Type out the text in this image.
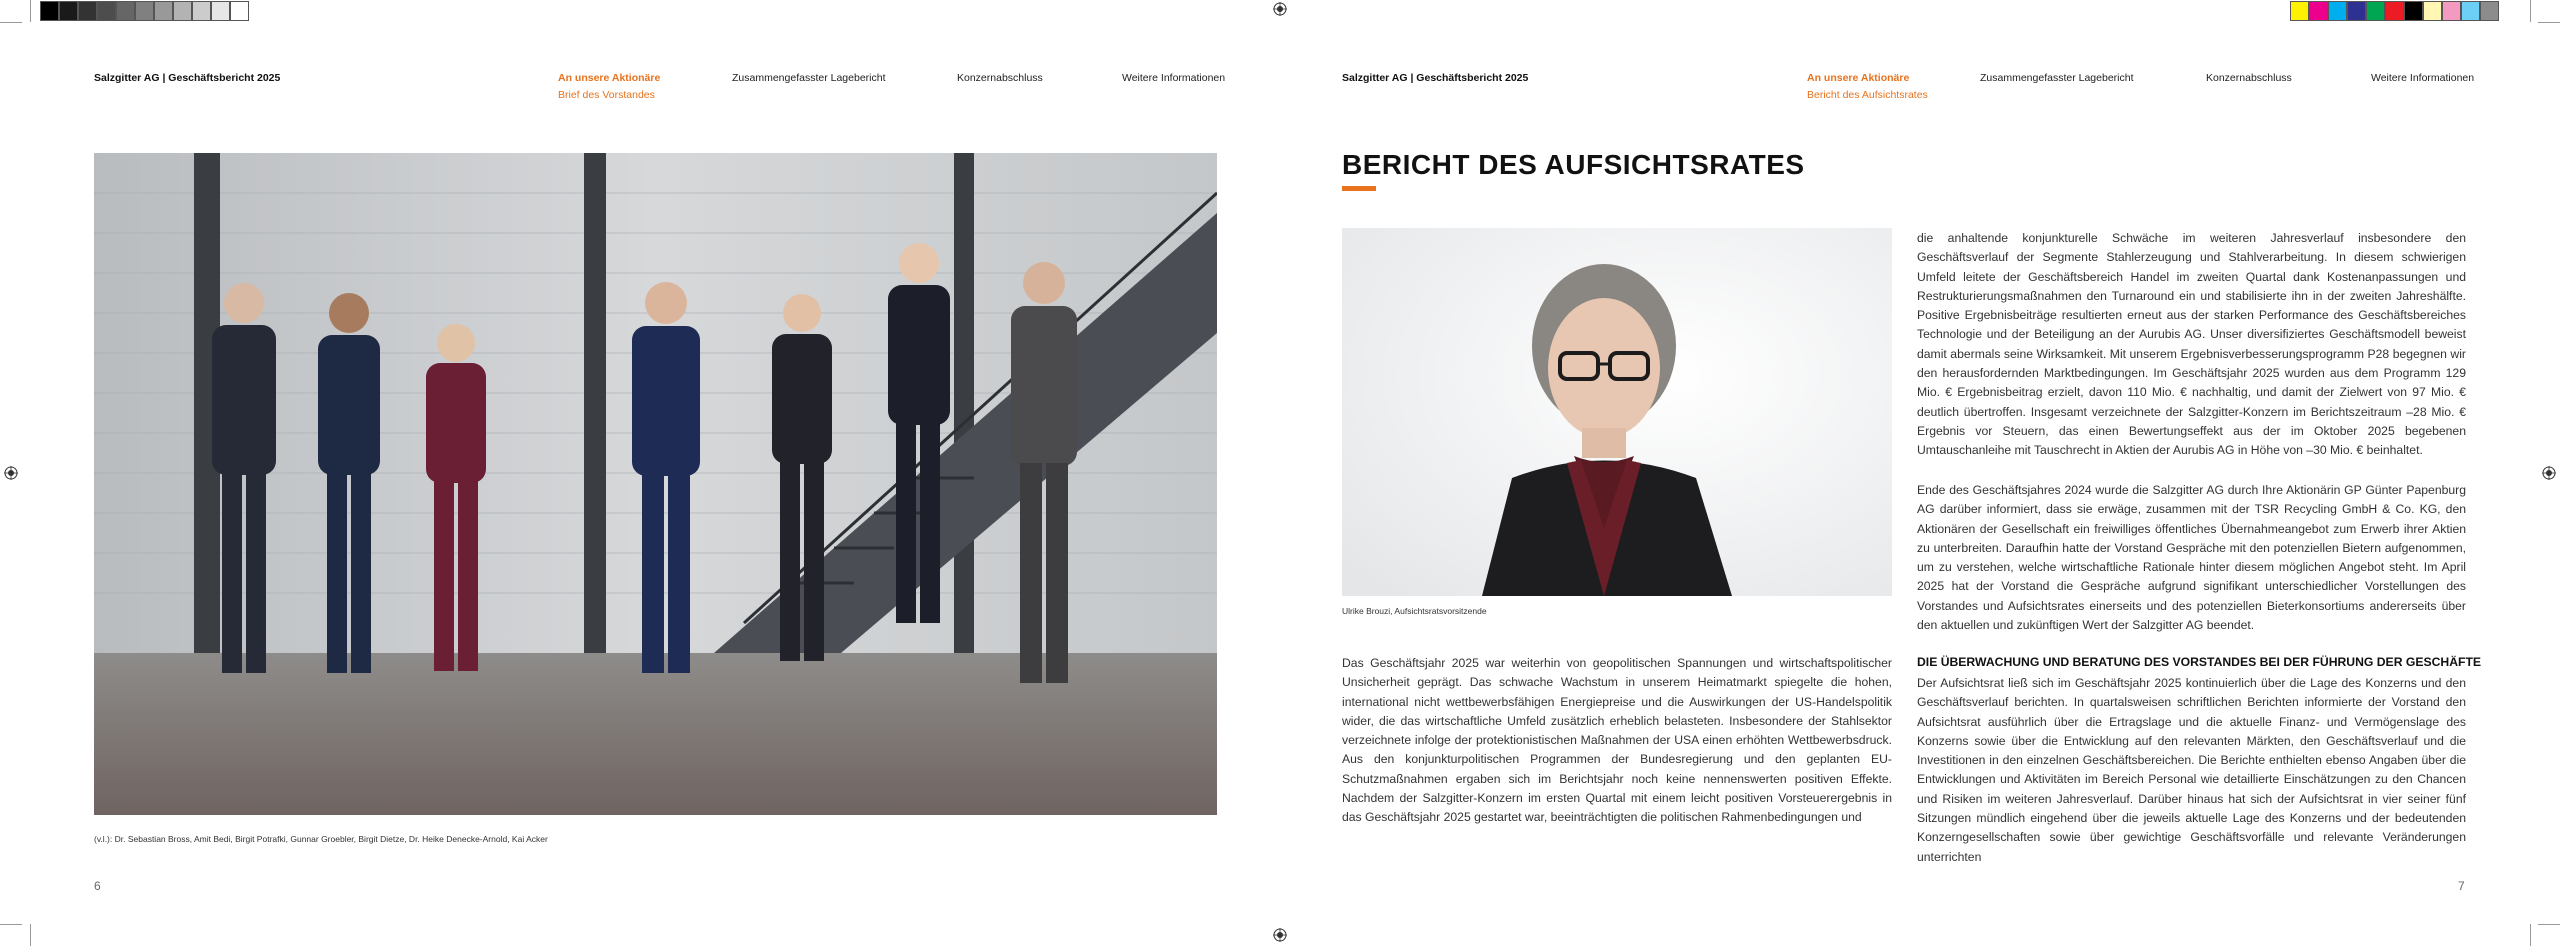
Salzgitter AG | Geschäftsbericht 2025	An unsere Aktionäre
Brief des Vorstandes
Zusammengefasster Lagebericht	Konzernabschluss	Weitere Informationen
(v.l.): Dr. Sebastian Bross, Amit Bedi, Birgit Potrafki, Gunnar Groebler, Birgit Dietze, Dr. Heike Denecke-Arnold, Kai Acker
6
Salzgitter AG | Geschäftsbericht 2025	An unsere Aktionäre
Bericht des Aufsichtsrates
Zusammengefasster Lagebericht	Konzernabschluss	Weitere Informationen
BERICHT DES AUFSICHTSRATES
Ulrike Brouzi, Aufsichtsratsvorsitzende
Das Geschäftsjahr 2025 war weiterhin von geopolitischen Spannungen und wirtschaftspolitischer Unsicherheit geprägt. Das schwache Wachstum in unserem Heimatmarkt spiegelte die hohen, international nicht wettbewerbsfähigen Energiepreise und die Auswirkungen der US-Handelspolitik wider, die das wirtschaftliche Umfeld zusätzlich erheblich belasteten. Insbesondere der Stahlsektor verzeichnete infolge der protektionistischen Maßnahmen der USA einen erhöhten Wettbewerbsdruck. Aus den konjunkturpolitischen Programmen der Bundesregierung und den geplanten EU-Schutzmaßnahmen ergaben sich im Berichtsjahr noch keine nennenswerten positiven Effekte. Nachdem der Salzgitter-Konzern im ersten Quartal mit einem leicht positiven Vorsteuerergebnis in das Geschäftsjahr 2025 gestartet war, beeinträchtigten die politischen Rahmenbedingungen und
die anhaltende konjunkturelle Schwäche im weiteren Jahresverlauf insbesondere den Geschäftsverlauf der Segmente Stahlerzeugung und Stahlverarbeitung. In diesem schwierigen Umfeld leitete der Geschäftsbereich Handel im zweiten Quartal dank Kostenanpassungen und Restrukturierungsmaßnahmen den Turnaround ein und stabilisierte ihn in der zweiten Jahreshälfte. Positive Ergebnisbeiträge resultierten erneut aus der starken Performance des Geschäftsbereiches Technologie und der Beteiligung an der Aurubis AG. Unser diversifiziertes Geschäftsmodell beweist damit abermals seine Wirksamkeit. Mit unserem Ergebnisverbesserungsprogramm P28 begegnen wir den herausfordernden Marktbedingungen. Im Geschäftsjahr 2025 wurden aus dem Programm 129 Mio. € Ergebnisbeitrag erzielt, davon 110 Mio. € nachhaltig, und damit der Zielwert von 97 Mio. € deutlich übertroffen. Insgesamt verzeichnete der Salzgitter-Konzern im Berichtszeitraum –28 Mio. € Ergebnis vor Steuern, das einen Bewertungseffekt aus der im Oktober 2025 begebenen Umtauschanleihe mit Tauschrecht in Aktien der Aurubis AG in Höhe von –30 Mio. € beinhaltet.
Ende des Geschäftsjahres 2024 wurde die Salzgitter AG durch Ihre Aktionärin GP Günter Papenburg AG darüber informiert, dass sie erwäge, zusammen mit der TSR Recycling GmbH & Co. KG, den Aktionären der Gesellschaft ein freiwilliges öffentliches Übernahmeangebot zum Erwerb ihrer Aktien zu unterbreiten. Daraufhin hatte der Vorstand Gespräche mit den potenziellen Bietern aufgenommen, um zu verstehen, welche wirtschaftliche Rationale hinter diesem möglichen Angebot steht. Im April 2025 hat der Vorstand die Gespräche aufgrund signifikant unterschiedlicher Vorstellungen des Vorstandes und Aufsichtsrates einerseits und des potenziellen Bieterkonsortiums andererseits über den aktuellen und zukünftigen Wert der Salzgitter AG beendet.
DIE ÜBERWACHUNG UND BERATUNG DES VORSTANDES BEI DER FÜHRUNG DER GESCHÄFTE
Der Aufsichtsrat ließ sich im Geschäftsjahr 2025 kontinuierlich über die Lage des Konzerns und den Geschäftsverlauf berichten. In quartalsweisen schriftlichen Berichten informierte der Vorstand den Aufsichtsrat ausführlich über die Ertragslage und die aktuelle Finanz- und Vermögenslage des Konzerns sowie über die Entwicklung auf den relevanten Märkten, den Geschäftsverlauf und die Investitionen in den einzelnen Geschäftsbereichen. Die Berichte enthielten ebenso Angaben über die Entwicklungen und Aktivitäten im Bereich Personal wie detaillierte Einschätzungen zu den Chancen und Risiken im weiteren Jahresverlauf. Darüber hinaus hat sich der Aufsichtsrat in vier seiner fünf Sitzungen mündlich eingehend über die jeweils aktuelle Lage des Konzerns und der bedeutenden Konzerngesellschaften sowie über gewichtige Geschäftsvorfälle und relevante Veränderungen unterrichten
7
